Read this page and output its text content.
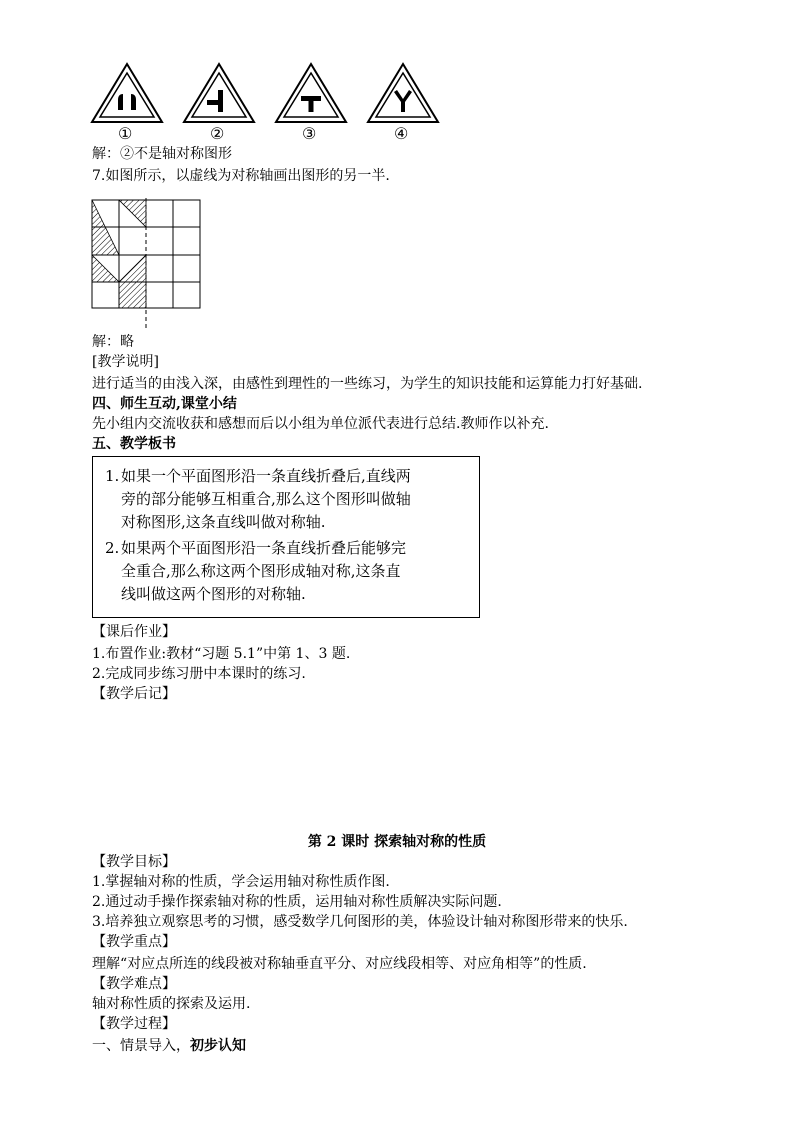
①	②	③	④
解：②不是轴对称图形
7.如图所示，以虚线为对称轴画出图形的另一半.
解：略
[教学说明]
进行适当的由浅入深，由感性到理性的一些练习，为学生的知识技能和运算能力打好基础.
四、师生互动,课堂小结
先小组内交流收获和感想而后以小组为单位派代表进行总结.教师作以补充.
五、教学板书
1. 如果一个平面图形沿一条直线折叠后,直线两
旁的部分能够互相重合,那么这个图形叫做轴
对称图形,这条直线叫做对称轴.
2. 如果两个平面图形沿一条直线折叠后能够完
全重合,那么称这两个图形成轴对称,这条直
线叫做这两个图形的对称轴.
【课后作业】
1.布置作业:教材“习题 5.1”中第 1、3 题.
2.完成同步练习册中本课时的练习.
【教学后记】
第 2 课时 探索轴对称的性质
【教学目标】
1.掌握轴对称的性质，学会运用轴对称性质作图.
2.通过动手操作探索轴对称的性质，运用轴对称性质解决实际问题.
3.培养独立观察思考的习惯，感受数学几何图形的美，体验设计轴对称图形带来的快乐.
【教学重点】
理解“对应点所连的线段被对称轴垂直平分、对应线段相等、对应角相等”的性质.
【教学难点】
轴对称性质的探索及运用.
【教学过程】
一、情景导入，初步认知
